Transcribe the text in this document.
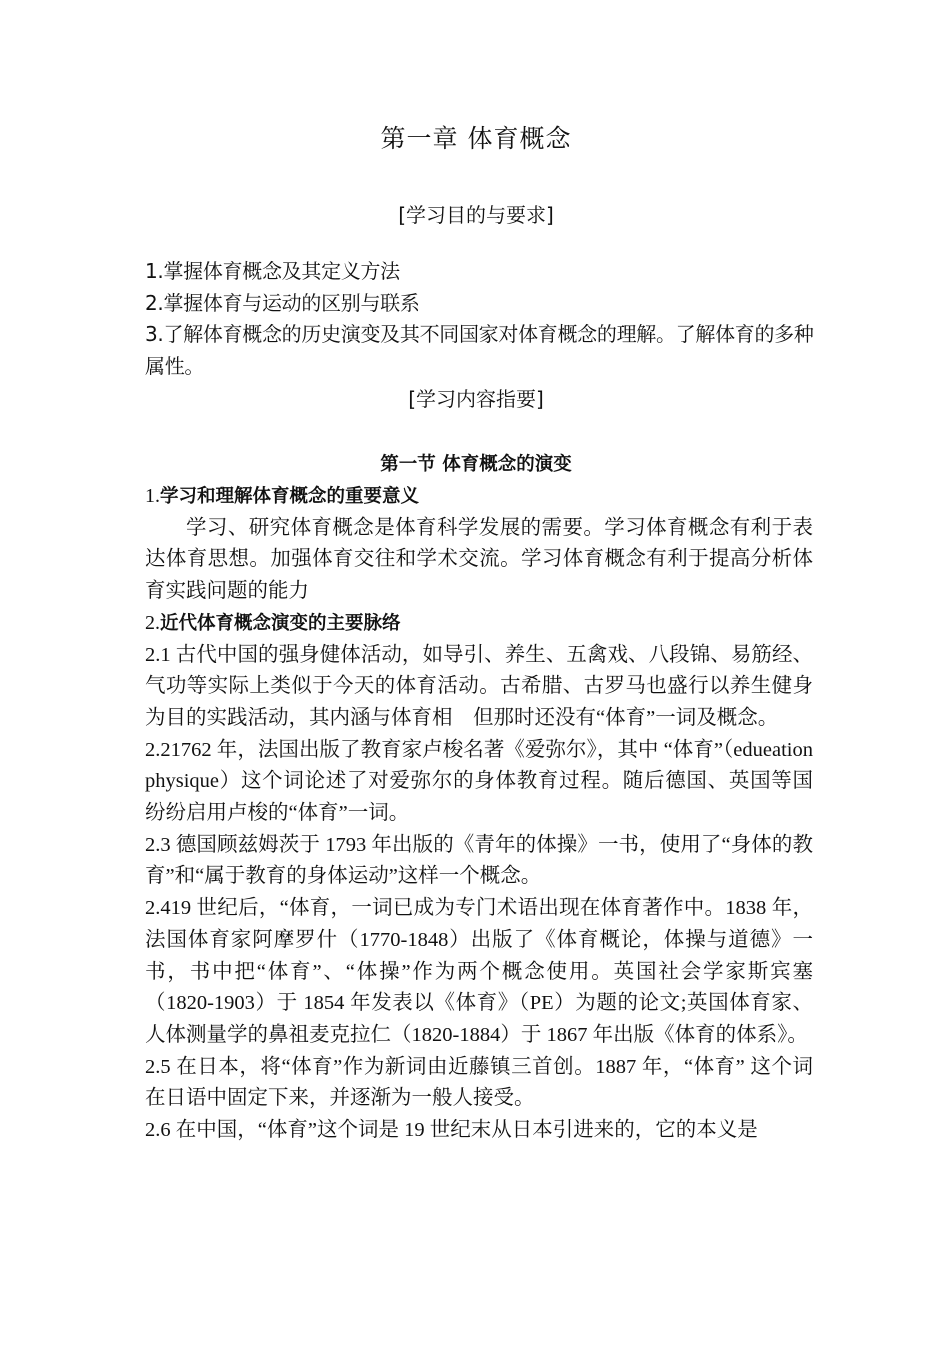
第一章 体育概念
[学习目的与要求]
1.掌握体育概念及其定义方法
2.掌握体育与运动的区别与联系
3.了解体育概念的历史演变及其不同国家对体育概念的理解。了解体育的多种属性。
[学习内容指要]
第一节 体育概念的演变

1.学习和理解体育概念的重要意义

学习、研究体育概念是体育科学发展的需要。学习体育概念有利于表达体育思想。加强体育交往和学术交流。学习体育概念有利于提高分析体育实践问题的能力

2.近代体育概念演变的主要脉络

2.1 古代中国的强身健体活动，如导引、养生、五禽戏、八段锦、易筋经、气功等实际上类似于今天的体育活动。古希腊、古罗马也盛行以养生健身为目的实践活动，其内涵与体育相　但那时还没有“体育”一词及概念。

2.21762 年，法国出版了教育家卢梭名著《爱弥尔》，其中 “体育”（edueation physique）这个词论述了对爱弥尔的身体教育过程。随后德国、英国等国纷纷启用卢梭的“体育”一词。

2.3 德国顾兹姆茨于 1793 年出版的《青年的体操》一书，使用了“身体的教育”和“属于教育的身体运动”这样一个概念。

2.419 世纪后，“体育，一词已成为专门术语出现在体育著作中。1838 年，法国体育家阿摩罗什（1770-1848）出版了《体育概论，体操与道德》一书，书中把“体育”、“体操”作为两个概念使用。英国社会学家斯宾塞（1820-1903）于 1854 年发表以《体育》（PE）为题的论文;英国体育家、人体测量学的鼻祖麦克拉仁（1820-1884）于 1867 年出版《体育的体系》。

2.5 在日本，将“体育”作为新词由近藤镇三首创。1887 年，“体育” 这个词在日语中固定下来，并逐渐为一般人接受。

2.6 在中国，“体育”这个词是 19 世纪末从日本引进来的，它的本义是
